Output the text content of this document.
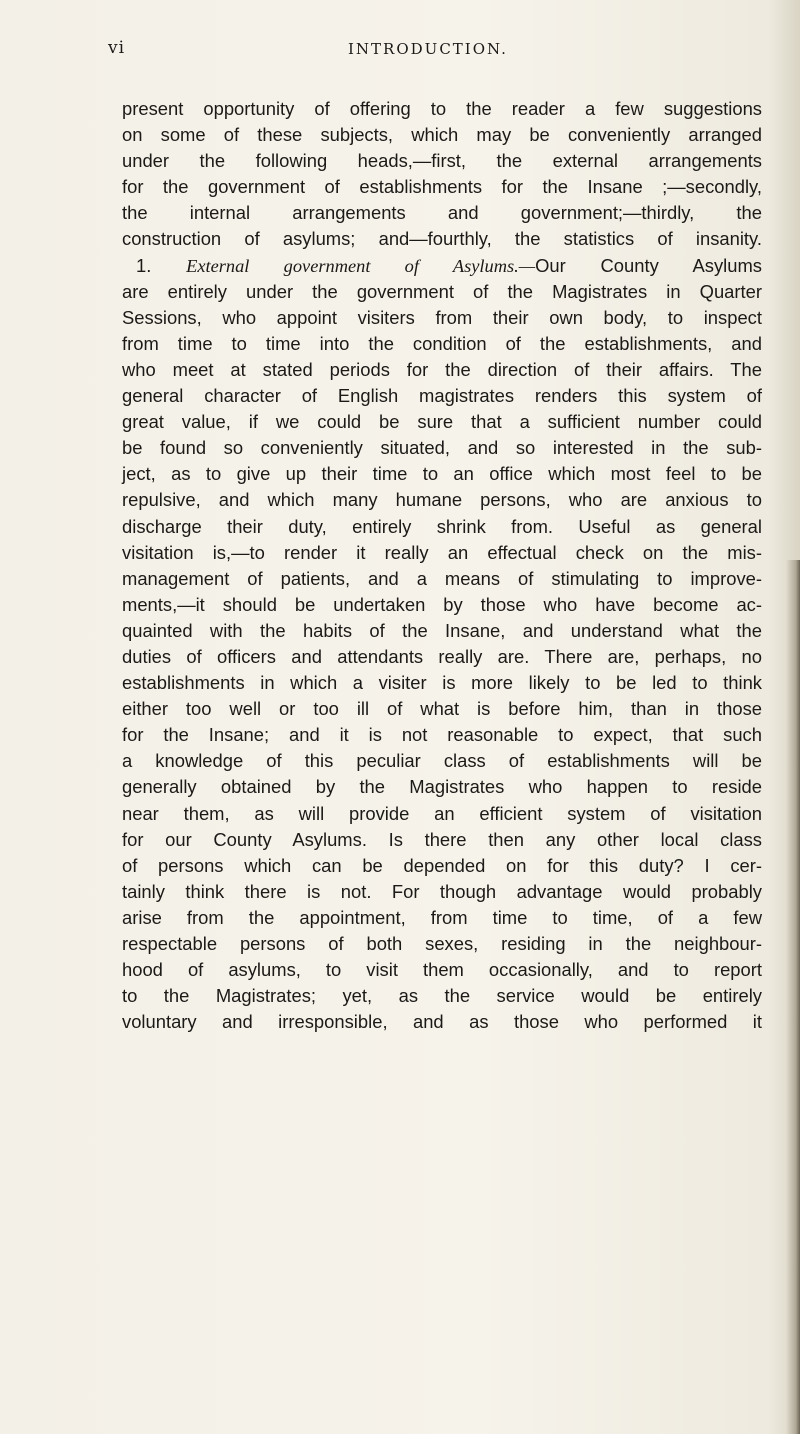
vi	INTRODUCTION.
present opportunity of offering to the reader a few suggestions
on some of these subjects, which may be conveniently arranged
under the following heads,—first, the external arrangements
for the government of establishments for the Insane ;—secondly,
the internal arrangements and government;—thirdly, the
construction of asylums; and—fourthly, the statistics of insanity.
1. External government of Asylums.—Our County Asylums
are entirely under the government of the Magistrates in Quarter
Sessions, who appoint visiters from their own body, to inspect
from time to time into the condition of the establishments, and
who meet at stated periods for the direction of their affairs. The
general character of English magistrates renders this system of
great value, if we could be sure that a sufficient number could
be found so conveniently situated, and so interested in the sub-
ject, as to give up their time to an office which most feel to be
repulsive, and which many humane persons, who are anxious to
discharge their duty, entirely shrink from. Useful as general
visitation is,—to render it really an effectual check on the mis-
management of patients, and a means of stimulating to improve-
ments,—it should be undertaken by those who have become ac-
quainted with the habits of the Insane, and understand what the
duties of officers and attendants really are. There are, perhaps, no
establishments in which a visiter is more likely to be led to think
either too well or too ill of what is before him, than in those
for the Insane; and it is not reasonable to expect, that such
a knowledge of this peculiar class of establishments will be
generally obtained by the Magistrates who happen to reside
near them, as will provide an efficient system of visitation
for our County Asylums. Is there then any other local class
of persons which can be depended on for this duty? I cer-
tainly think there is not. For though advantage would probably
arise from the appointment, from time to time, of a few
respectable persons of both sexes, residing in the neighbour-
hood of asylums, to visit them occasionally, and to report
to the Magistrates; yet, as the service would be entirely
voluntary and irresponsible, and as those who performed it
